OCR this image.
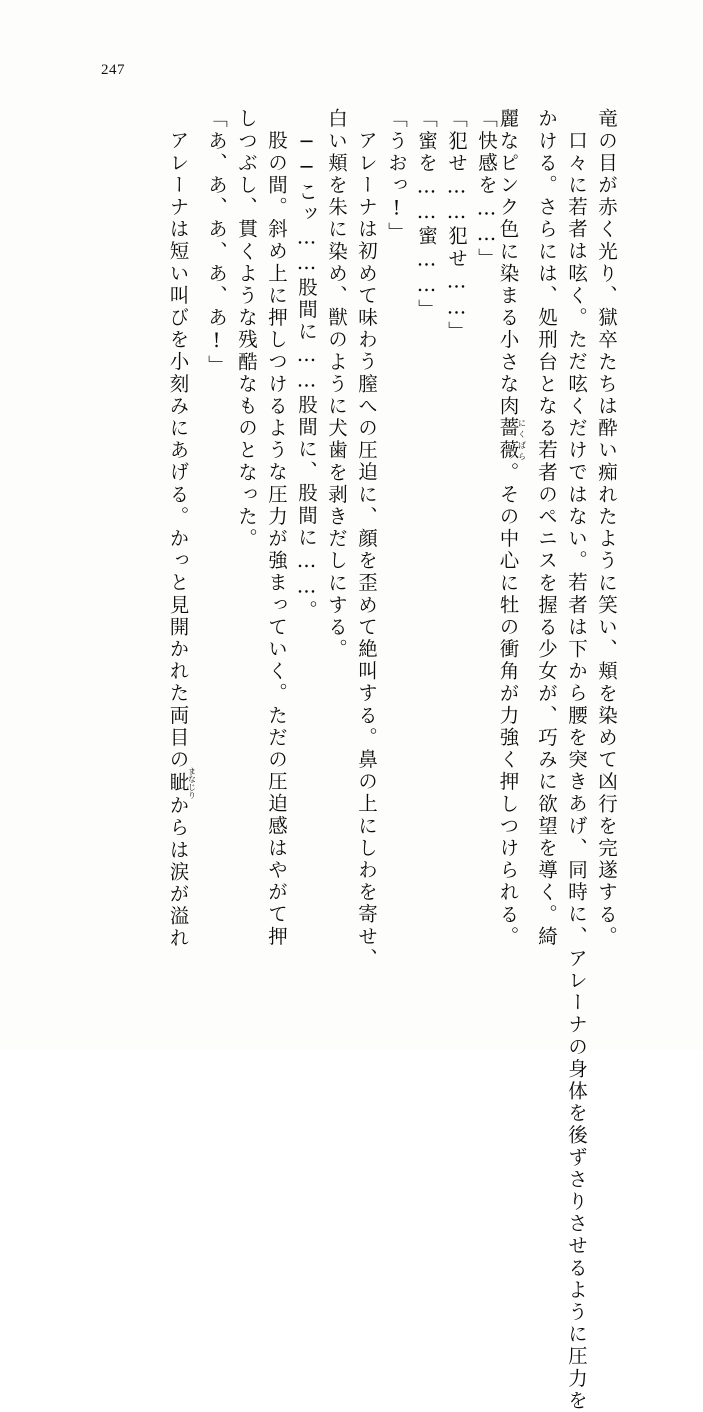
247
竜の目が赤く光り、獄卒たちは酔い痴れたように笑い、頬を染めて凶行を完遂する。
口々に若者は呟く。ただ呟くだけではない。若者は下から腰を突きあげ、同時に、アレーナの身体を後ずさりさせるように圧力を
かける。さらには、処刑台となる若者のペニスを握る少女が、巧みに欲望を導く。綺
麗なピンク色に染まる小さな肉薔薇にくばら。その中心に牡の衝角が力強く押しつけられる。
「快感を……」
「犯せ……犯せ……」
「蜜を……蜜……」
「うおっ!」
アレーナは初めて味わう膣への圧迫に、顔を歪めて絶叫する。鼻の上にしわを寄せ、
白い頬を朱に染め、獣のように犬歯を剥きだしにする。
──こッ……股間に……股間に、股間に……。
股の間。斜め上に押しつけるような圧力が強まっていく。ただの圧迫感はやがて押
しつぶし、貫くような残酷なものとなった。
「あ、あ、あ、あ、あ!」
アレーナは短い叫びを小刻みにあげる。かっと見開かれた両目の眦まなじりからは涙が溢れ
